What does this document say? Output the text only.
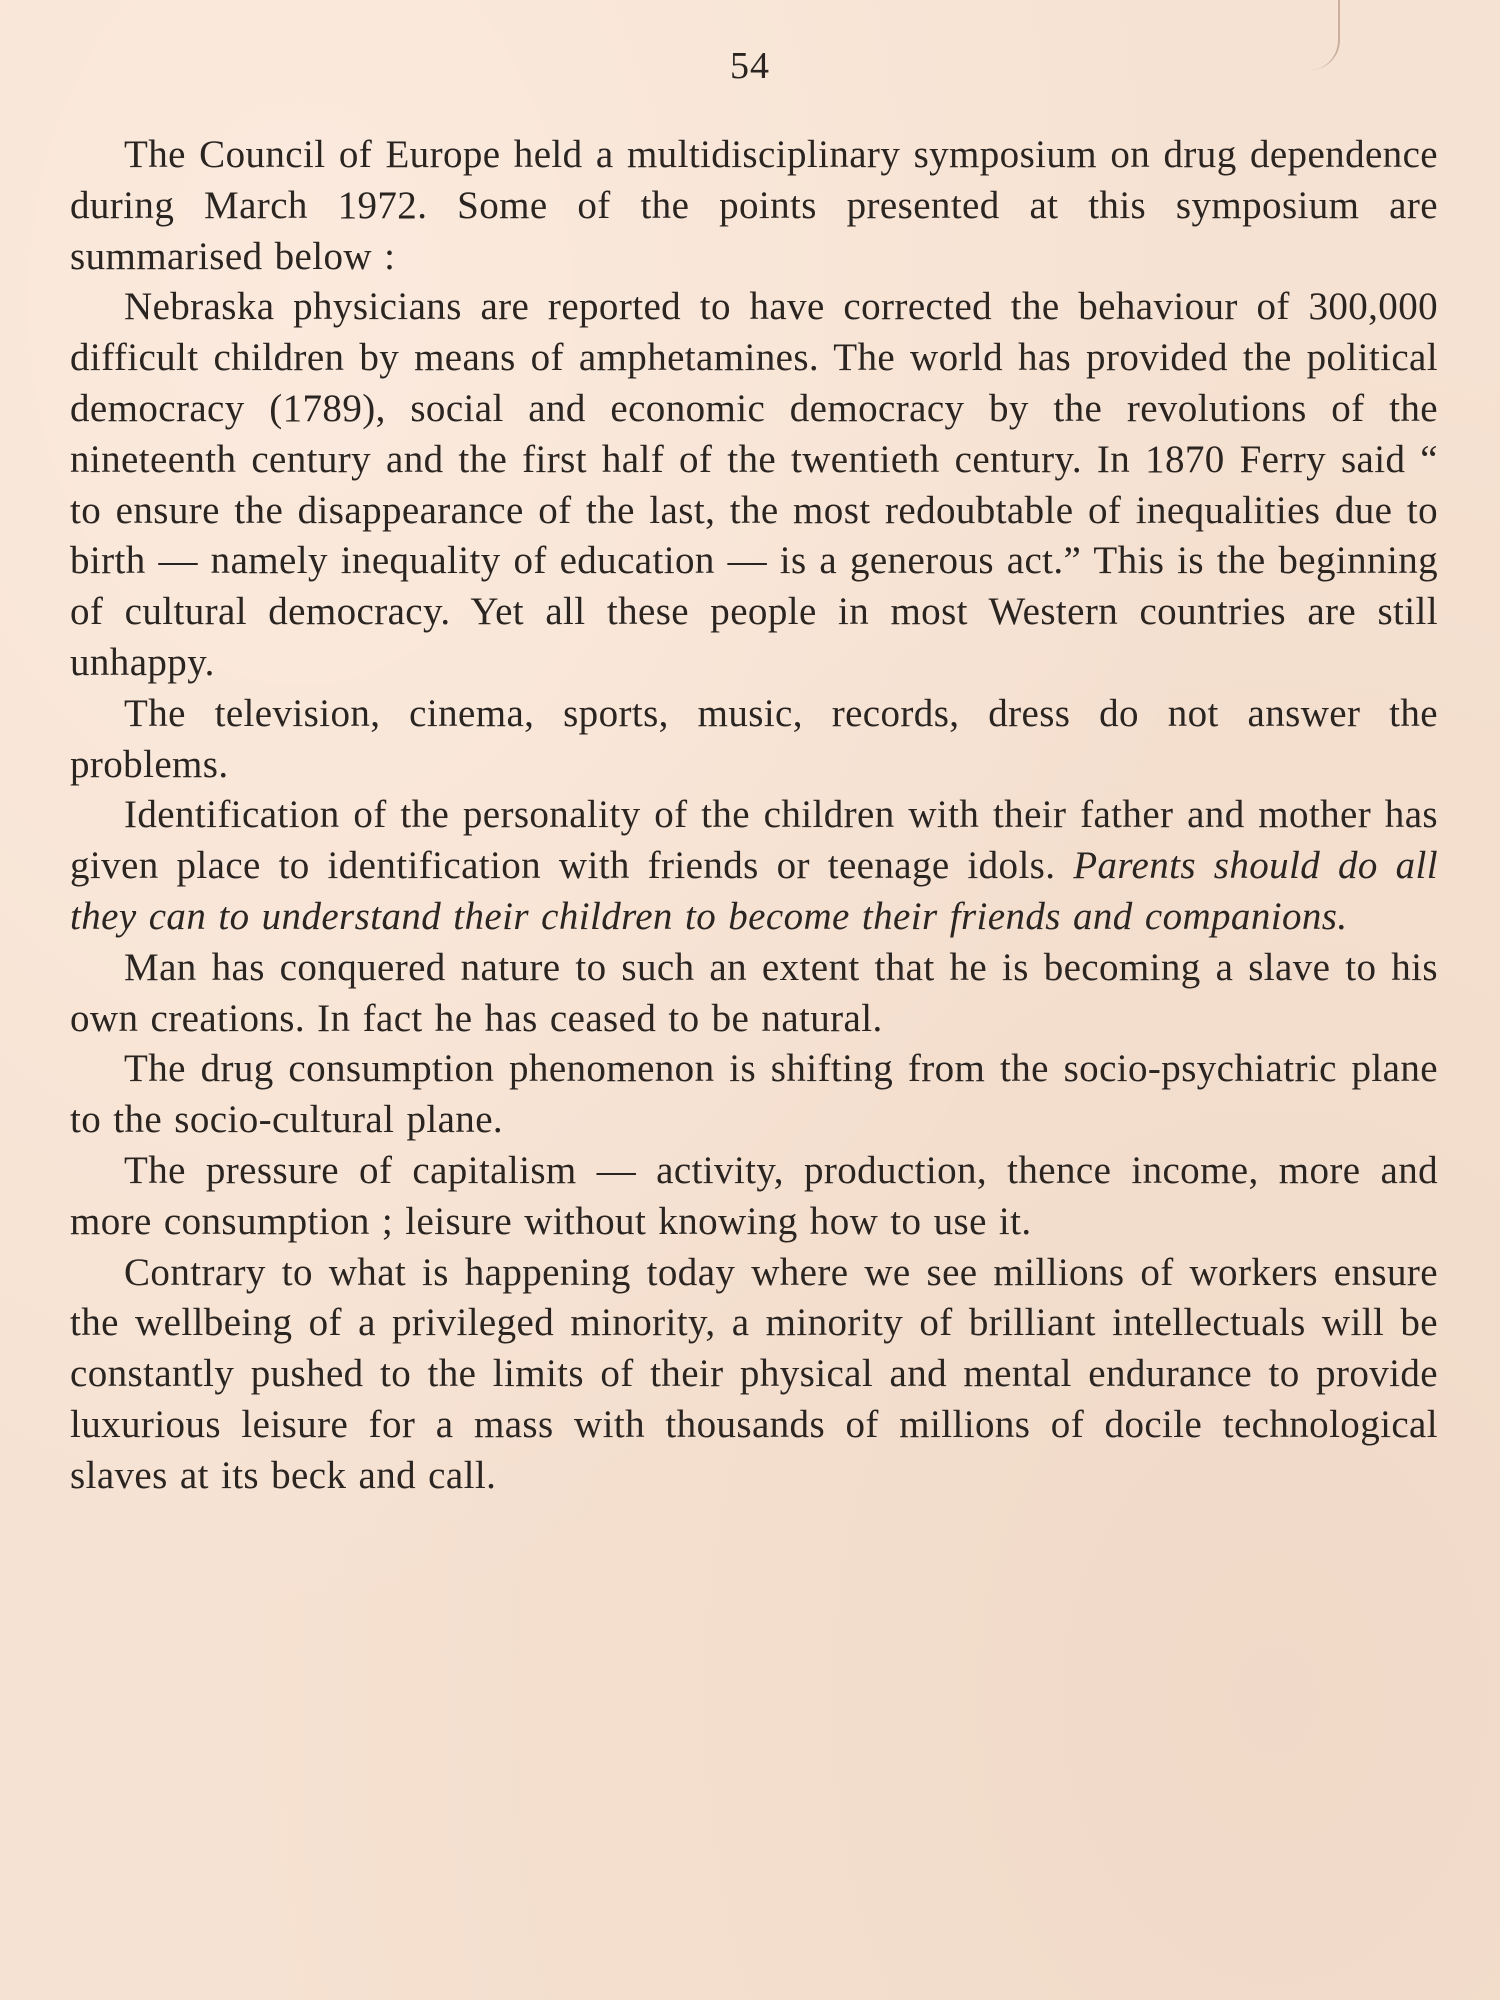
54

The Council of Europe held a multidisciplinary symposium on drug dependence during March 1972. Some of the points presented at this symposium are summarised below :

Nebraska physicians are reported to have corrected the behaviour of 300,000 difficult children by means of amphetamines. The world has provided the political democracy (1789), social and economic democracy by the revolutions of the nineteenth century and the first half of the twentieth century. In 1870 Ferry said “ to ensure the disappearance of the last, the most redoubtable of inequalities due to birth — namely inequality of education — is a generous act.” This is the beginning of cultural democracy. Yet all these people in most Western countries are still unhappy.

The television, cinema, sports, music, records, dress do not answer the problems.

Identification of the personality of the children with their father and mother has given place to identification with friends or teenage idols. Parents should do all they can to understand their children to become their friends and companions.

Man has conquered nature to such an extent that he is becoming a slave to his own creations. In fact he has ceased to be natural.

The drug consumption phenomenon is shifting from the socio-psychiatric plane to the socio-cultural plane.

The pressure of capitalism — activity, production, thence income, more and more consumption ; leisure without knowing how to use it.

Contrary to what is happening today where we see millions of workers ensure the wellbeing of a privileged minority, a minority of brilliant intellectuals will be constantly pushed to the limits of their physical and mental endurance to provide luxurious leisure for a mass with thousands of millions of docile technological slaves at its beck and call.
